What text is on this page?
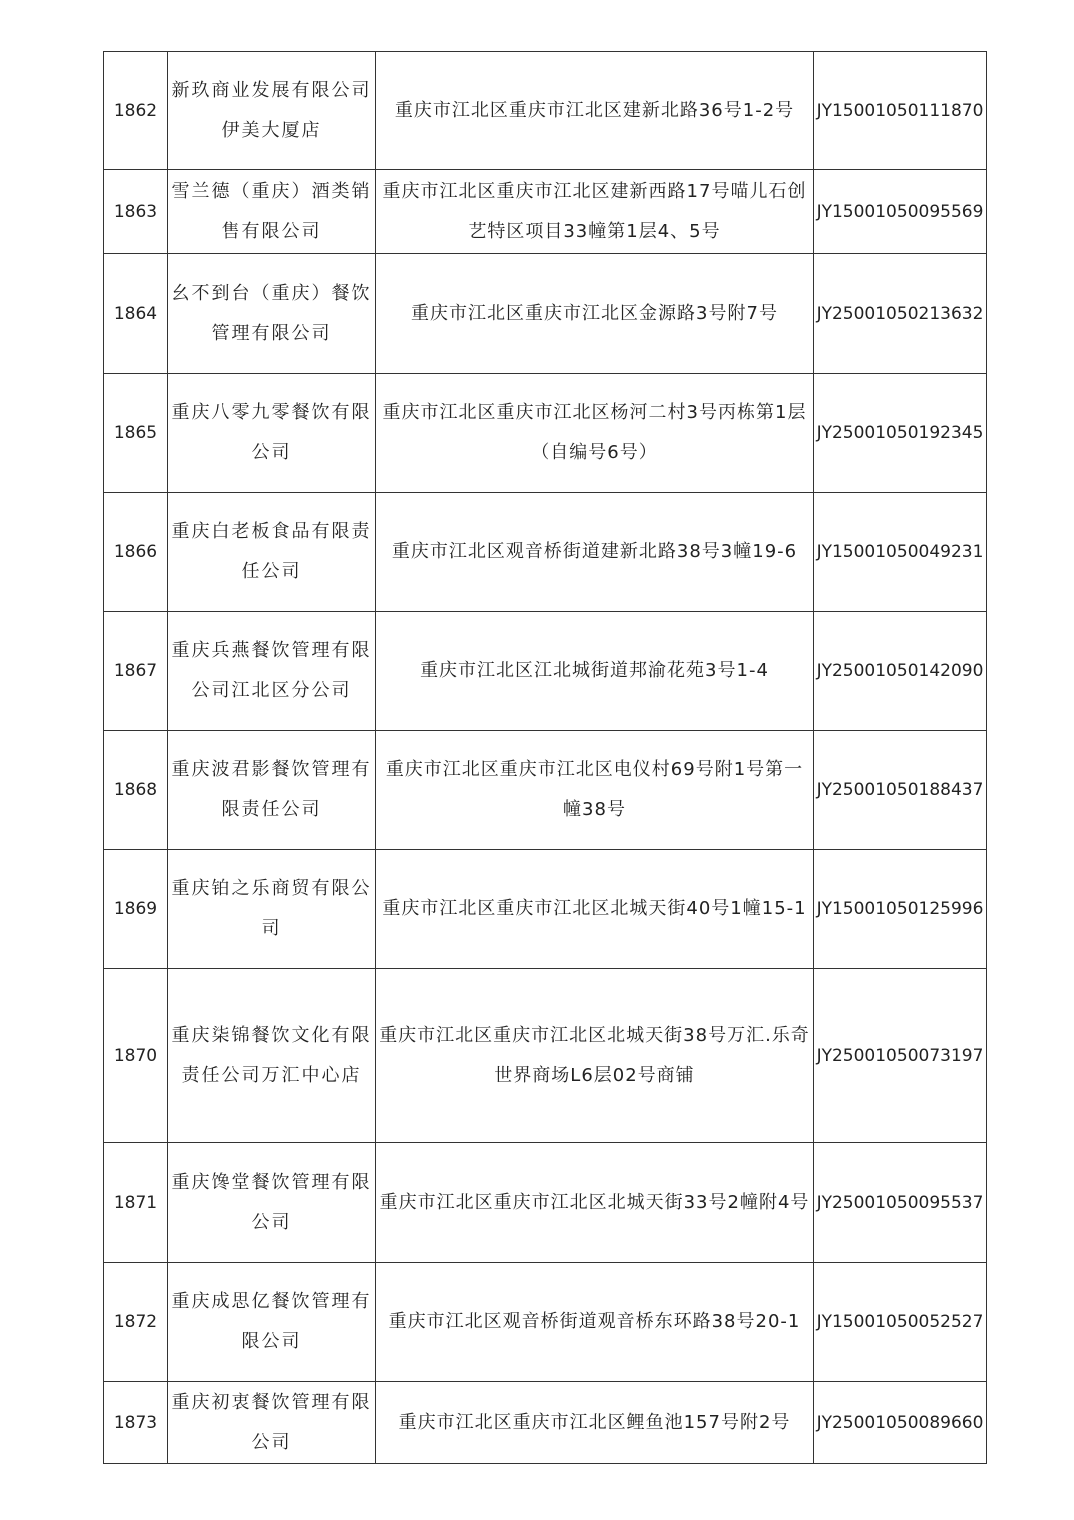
1862	新玖商业发展有限公司伊美大厦店	重庆市江北区重庆市江北区建新北路36号1-2号	JY15001050111870
1863	雪兰德（重庆）酒类销售有限公司	重庆市江北区重庆市江北区建新西路17号喵儿石创艺特区项目33幢第1层4、5号	JY15001050095569
1864	幺不到台（重庆）餐饮管理有限公司	重庆市江北区重庆市江北区金源路3号附7号	JY25001050213632
1865	重庆八零九零餐饮有限公司	重庆市江北区重庆市江北区杨河二村3号丙栋第1层（自编号6号）	JY25001050192345
1866	重庆白老板食品有限责任公司	重庆市江北区观音桥街道建新北路38号3幢19-6	JY15001050049231
1867	重庆兵燕餐饮管理有限公司江北区分公司	重庆市江北区江北城街道邦渝花苑3号1-4	JY25001050142090
1868	重庆波君影餐饮管理有限责任公司	重庆市江北区重庆市江北区电仪村69号附1号第一幢38号	JY25001050188437
1869	重庆铂之乐商贸有限公司	重庆市江北区重庆市江北区北城天街40号1幢15-1	JY15001050125996
1870	重庆柒锦餐饮文化有限责任公司万汇中心店	重庆市江北区重庆市江北区北城天街38号万汇.乐奇世界商场L6层02号商铺	JY25001050073197
1871	重庆馋堂餐饮管理有限公司	重庆市江北区重庆市江北区北城天街33号2幢附4号	JY25001050095537
1872	重庆成思亿餐饮管理有限公司	重庆市江北区观音桥街道观音桥东环路38号20-1	JY15001050052527
1873	重庆初衷餐饮管理有限公司	重庆市江北区重庆市江北区鲤鱼池157号附2号	JY25001050089660
